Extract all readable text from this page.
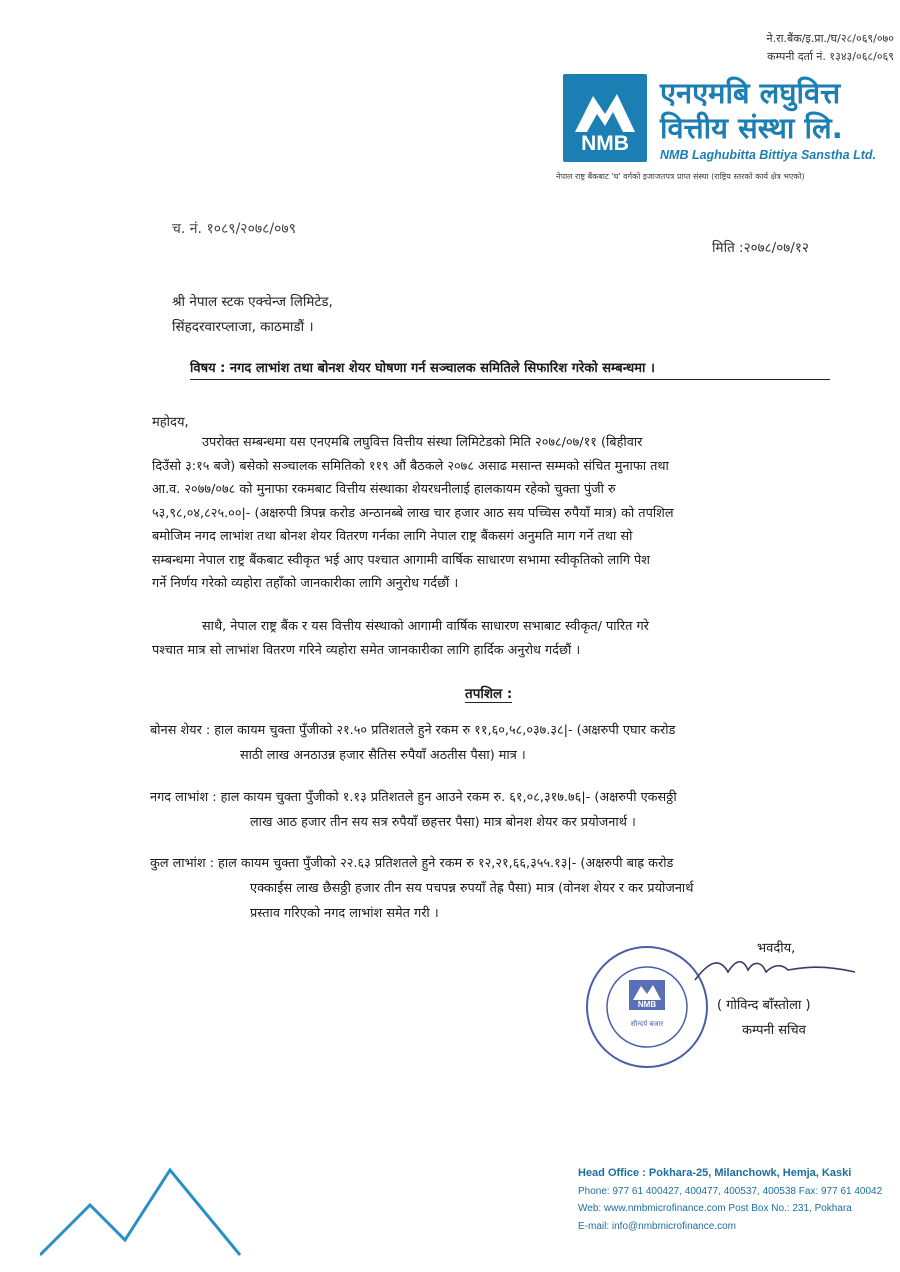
ने.रा.बैंक/इ.प्रा./घ/२८/०६९/०७०
कम्पनी दर्ता नं. १३४३/०६८/०६९
NMB
एनएमबि लघुवित्त
वित्तीय संस्था लि.
NMB Laghubitta Bittiya Sanstha Ltd.
नेपाल राष्ट्र बैंकबाट 'घ' वर्गको इजाजतपत्र प्राप्त संस्था (राष्ट्रिय स्तरको कार्य क्षेत्र भएको)
च. नं. १०८९/२०७८/०७९
मिति :२०७८/०७/१२
श्री नेपाल स्टक एक्चेन्ज लिमिटेड,
सिंहदरवारप्लाजा, काठमाडौं ।
विषय : नगद लाभांश तथा बोनश शेयर घोषणा गर्न सञ्चालक समितिले सिफारिश गरेको सम्बन्धमा ।
महोदय,
उपरोक्त सम्बन्धमा यस एनएमबि लघुवित्त वित्तीय संस्था लिमिटेडको मिति २०७८/०७/११ (बिहीवार
दिउँसो ३:१५ बजे) बसेको सञ्चालक समितिको ११९ औं बैठकले २०७८ असाढ मसान्त सम्मको संचित मुनाफा तथा
आ.व. २०७७/०७८ को मुनाफा रकमबाट वित्तीय संस्थाका शेयरधनीलाई हालकायम रहेको चुक्ता पुंजी रु
५३,९८,०४,८२५.००|- (अक्षरुपी त्रिपन्न करोड अन्ठानब्बे लाख चार हजार आठ सय पच्चिस रुपैयाँ मात्र) को तपशिल
बमोजिम नगद लाभांश तथा बोनश शेयर वितरण गर्नका लागि नेपाल राष्ट्र बैंकसगं अनुमति माग गर्ने तथा सो
सम्बन्धमा नेपाल राष्ट्र बैंकबाट स्वीकृत भई आए पश्चात आगामी वार्षिक साधारण सभामा स्वीकृतिको लागि पेश
गर्ने निर्णय गरेको व्यहोरा तहाँको जानकारीका लागि अनुरोध गर्दछौं ।
साथै, नेपाल राष्ट्र बैंक र यस वित्तीय संस्थाको आगामी वार्षिक साधारण सभाबाट स्वीकृत/ पारित गरे
पश्चात मात्र सो लाभांश वितरण गरिने व्यहोरा समेत जानकारीका लागि हार्दिक अनुरोध गर्दछौं ।
तपशिल :
बोनस शेयर : हाल कायम चुक्ता पुँजीको २१.५० प्रतिशतले हुने रकम रु ११,६०,५८,०३७.३८|- (अक्षरुपी एघार करोड
साठी लाख अनठाउन्न हजार सैतिस रुपैयाँ अठतीस पैसा) मात्र ।
नगद लाभांश : हाल कायम चुक्ता पुँजीको १.१३ प्रतिशतले हुन आउने रकम रु. ६१,०८,३१७.७६|- (अक्षरुपी एकसठ्ठी
लाख आठ हजार तीन सय सत्र रुपैयाँ छहत्तर पैसा) मात्र बोनश शेयर कर प्रयोजनार्थ ।
कुल लाभांश : हाल कायम चुक्ता पुँजीको २२.६३ प्रतिशतले हुने रकम रु १२,२१,६६,३५५.१३|- (अक्षरुपी बाह्र करोड
एक्काईस लाख छैसठ्ठी हजार तीन सय पचपन्न रुपयाँ तेह्र पैसा) मात्र (वोनश शेयर र कर प्रयोजनार्थ
प्रस्ताव गरिएको नगद लाभांश समेत गरी ।
भवदीय,
NMB
सौन्दर्य बजार
( गोविन्द बाँस्तोला )
कम्पनी सचिव
Head Office : Pokhara-25, Milanchowk, Hemja, Kaski
Phone: 977 61 400427, 400477, 400537, 400538 Fax: 977 61 40042
Web: www.nmbmicrofinance.com Post Box No.: 231, Pokhara
E-mail: info@nmbmicrofinance.com
